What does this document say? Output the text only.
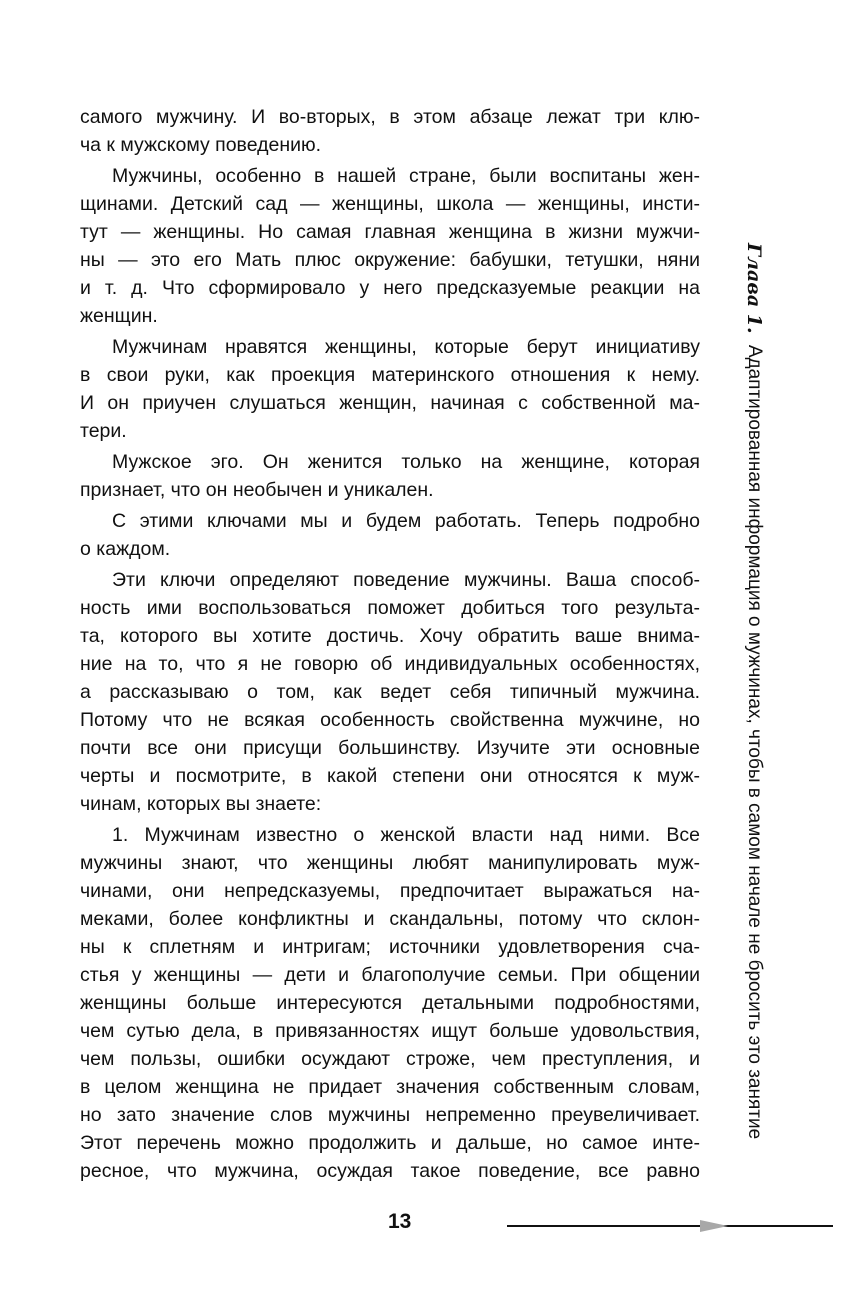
Глава 1. Адаптированная информация о мужчинах, чтобы в самом начале не бросить это занятие
самого мужчину. И во-вторых, в этом абзаце лежат три клю-
ча к мужскому поведению.
Мужчины, особенно в нашей стране, были воспитаны жен-
щинами. Детский сад — женщины, школа — женщины, инсти-
тут — женщины. Но самая главная женщина в жизни мужчи-
ны — это его Мать плюс окружение: бабушки, тетушки, няни
и т. д. Что сформировало у него предсказуемые реакции на
женщин.
Мужчинам нравятся женщины, которые берут инициативу
в свои руки, как проекция материнского отношения к нему.
И он приучен слушаться женщин, начиная с собственной ма-
тери.
Мужское эго. Он женится только на женщине, которая
признает, что он необычен и уникален.
С этими ключами мы и будем работать. Теперь подробно
о каждом.
Эти ключи определяют поведение мужчины. Ваша способ-
ность ими воспользоваться поможет добиться того результа-
та, которого вы хотите достичь. Хочу обратить ваше внима-
ние на то, что я не говорю об индивидуальных особенностях,
а рассказываю о том, как ведет себя типичный мужчина.
Потому что не всякая особенность свойственна мужчине, но
почти все они присущи большинству. Изучите эти основные
черты и посмотрите, в какой степени они относятся к муж-
чинам, которых вы знаете:
1. Мужчинам известно о женской власти над ними. Все
мужчины знают, что женщины любят манипулировать муж-
чинами, они непредсказуемы, предпочитает выражаться на-
меками, более конфликтны и скандальны, потому что склон-
ны к сплетням и интригам; источники удовлетворения сча-
стья у женщины — дети и благополучие семьи. При общении
женщины больше интересуются детальными подробностями,
чем сутью дела, в привязанностях ищут больше удовольствия,
чем пользы, ошибки осуждают строже, чем преступления, и
в целом женщина не придает значения собственным словам,
но зато значение слов мужчины непременно преувеличивает.
Этот перечень можно продолжить и дальше, но самое инте-
ресное, что мужчина, осуждая такое поведение, все равно
13
